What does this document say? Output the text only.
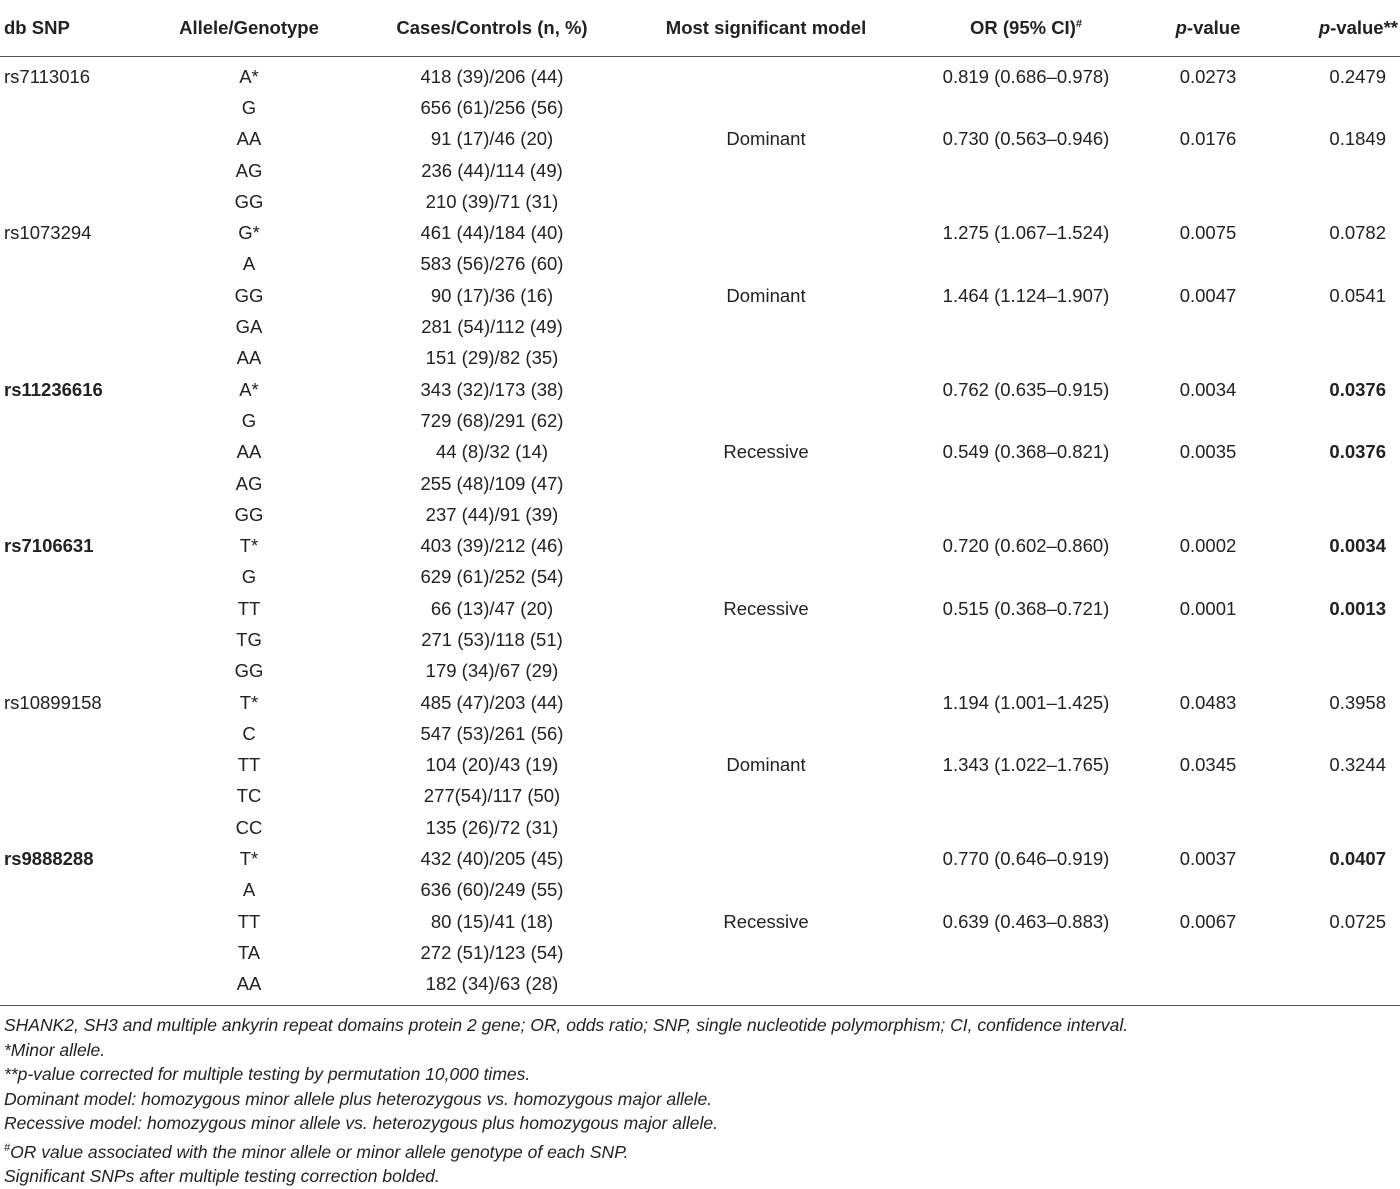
db SNP	Allele/Genotype	Cases/Controls (n, %)	Most significant model	OR (95% CI)#	p-value	p-value**
rs7113016	A*	418 (39)/206 (44)		0.819 (0.686–0.978)	0.0273	0.2479
	G	656 (61)/256 (56)				
	AA	91 (17)/46 (20)	Dominant	0.730 (0.563–0.946)	0.0176	0.1849
	AG	236 (44)/114 (49)				
	GG	210 (39)/71 (31)				
rs1073294	G*	461 (44)/184 (40)		1.275 (1.067–1.524)	0.0075	0.0782
	A	583 (56)/276 (60)				
	GG	90 (17)/36 (16)	Dominant	1.464 (1.124–1.907)	0.0047	0.0541
	GA	281 (54)/112 (49)				
	AA	151 (29)/82 (35)				
rs11236616	A*	343 (32)/173 (38)		0.762 (0.635–0.915)	0.0034	0.0376
	G	729 (68)/291 (62)				
	AA	44 (8)/32 (14)	Recessive	0.549 (0.368–0.821)	0.0035	0.0376
	AG	255 (48)/109 (47)				
	GG	237 (44)/91 (39)				
rs7106631	T*	403 (39)/212 (46)		0.720 (0.602–0.860)	0.0002	0.0034
	G	629 (61)/252 (54)				
	TT	66 (13)/47 (20)	Recessive	0.515 (0.368–0.721)	0.0001	0.0013
	TG	271 (53)/118 (51)				
	GG	179 (34)/67 (29)				
rs10899158	T*	485 (47)/203 (44)		1.194 (1.001–1.425)	0.0483	0.3958
	C	547 (53)/261 (56)				
	TT	104 (20)/43 (19)	Dominant	1.343 (1.022–1.765)	0.0345	0.3244
	TC	277(54)/117 (50)				
	CC	135 (26)/72 (31)				
rs9888288	T*	432 (40)/205 (45)		0.770 (0.646–0.919)	0.0037	0.0407
	A	636 (60)/249 (55)				
	TT	80 (15)/41 (18)	Recessive	0.639 (0.463–0.883)	0.0067	0.0725
	TA	272 (51)/123 (54)				
	AA	182 (34)/63 (28)				
SHANK2, SH3 and multiple ankyrin repeat domains protein 2 gene; OR, odds ratio; SNP, single nucleotide polymorphism; CI, confidence interval.
*Minor allele.
**p-value corrected for multiple testing by permutation 10,000 times.
Dominant model: homozygous minor allele plus heterozygous vs. homozygous major allele.
Recessive model: homozygous minor allele vs. heterozygous plus homozygous major allele.
#OR value associated with the minor allele or minor allele genotype of each SNP.
Significant SNPs after multiple testing correction bolded.
